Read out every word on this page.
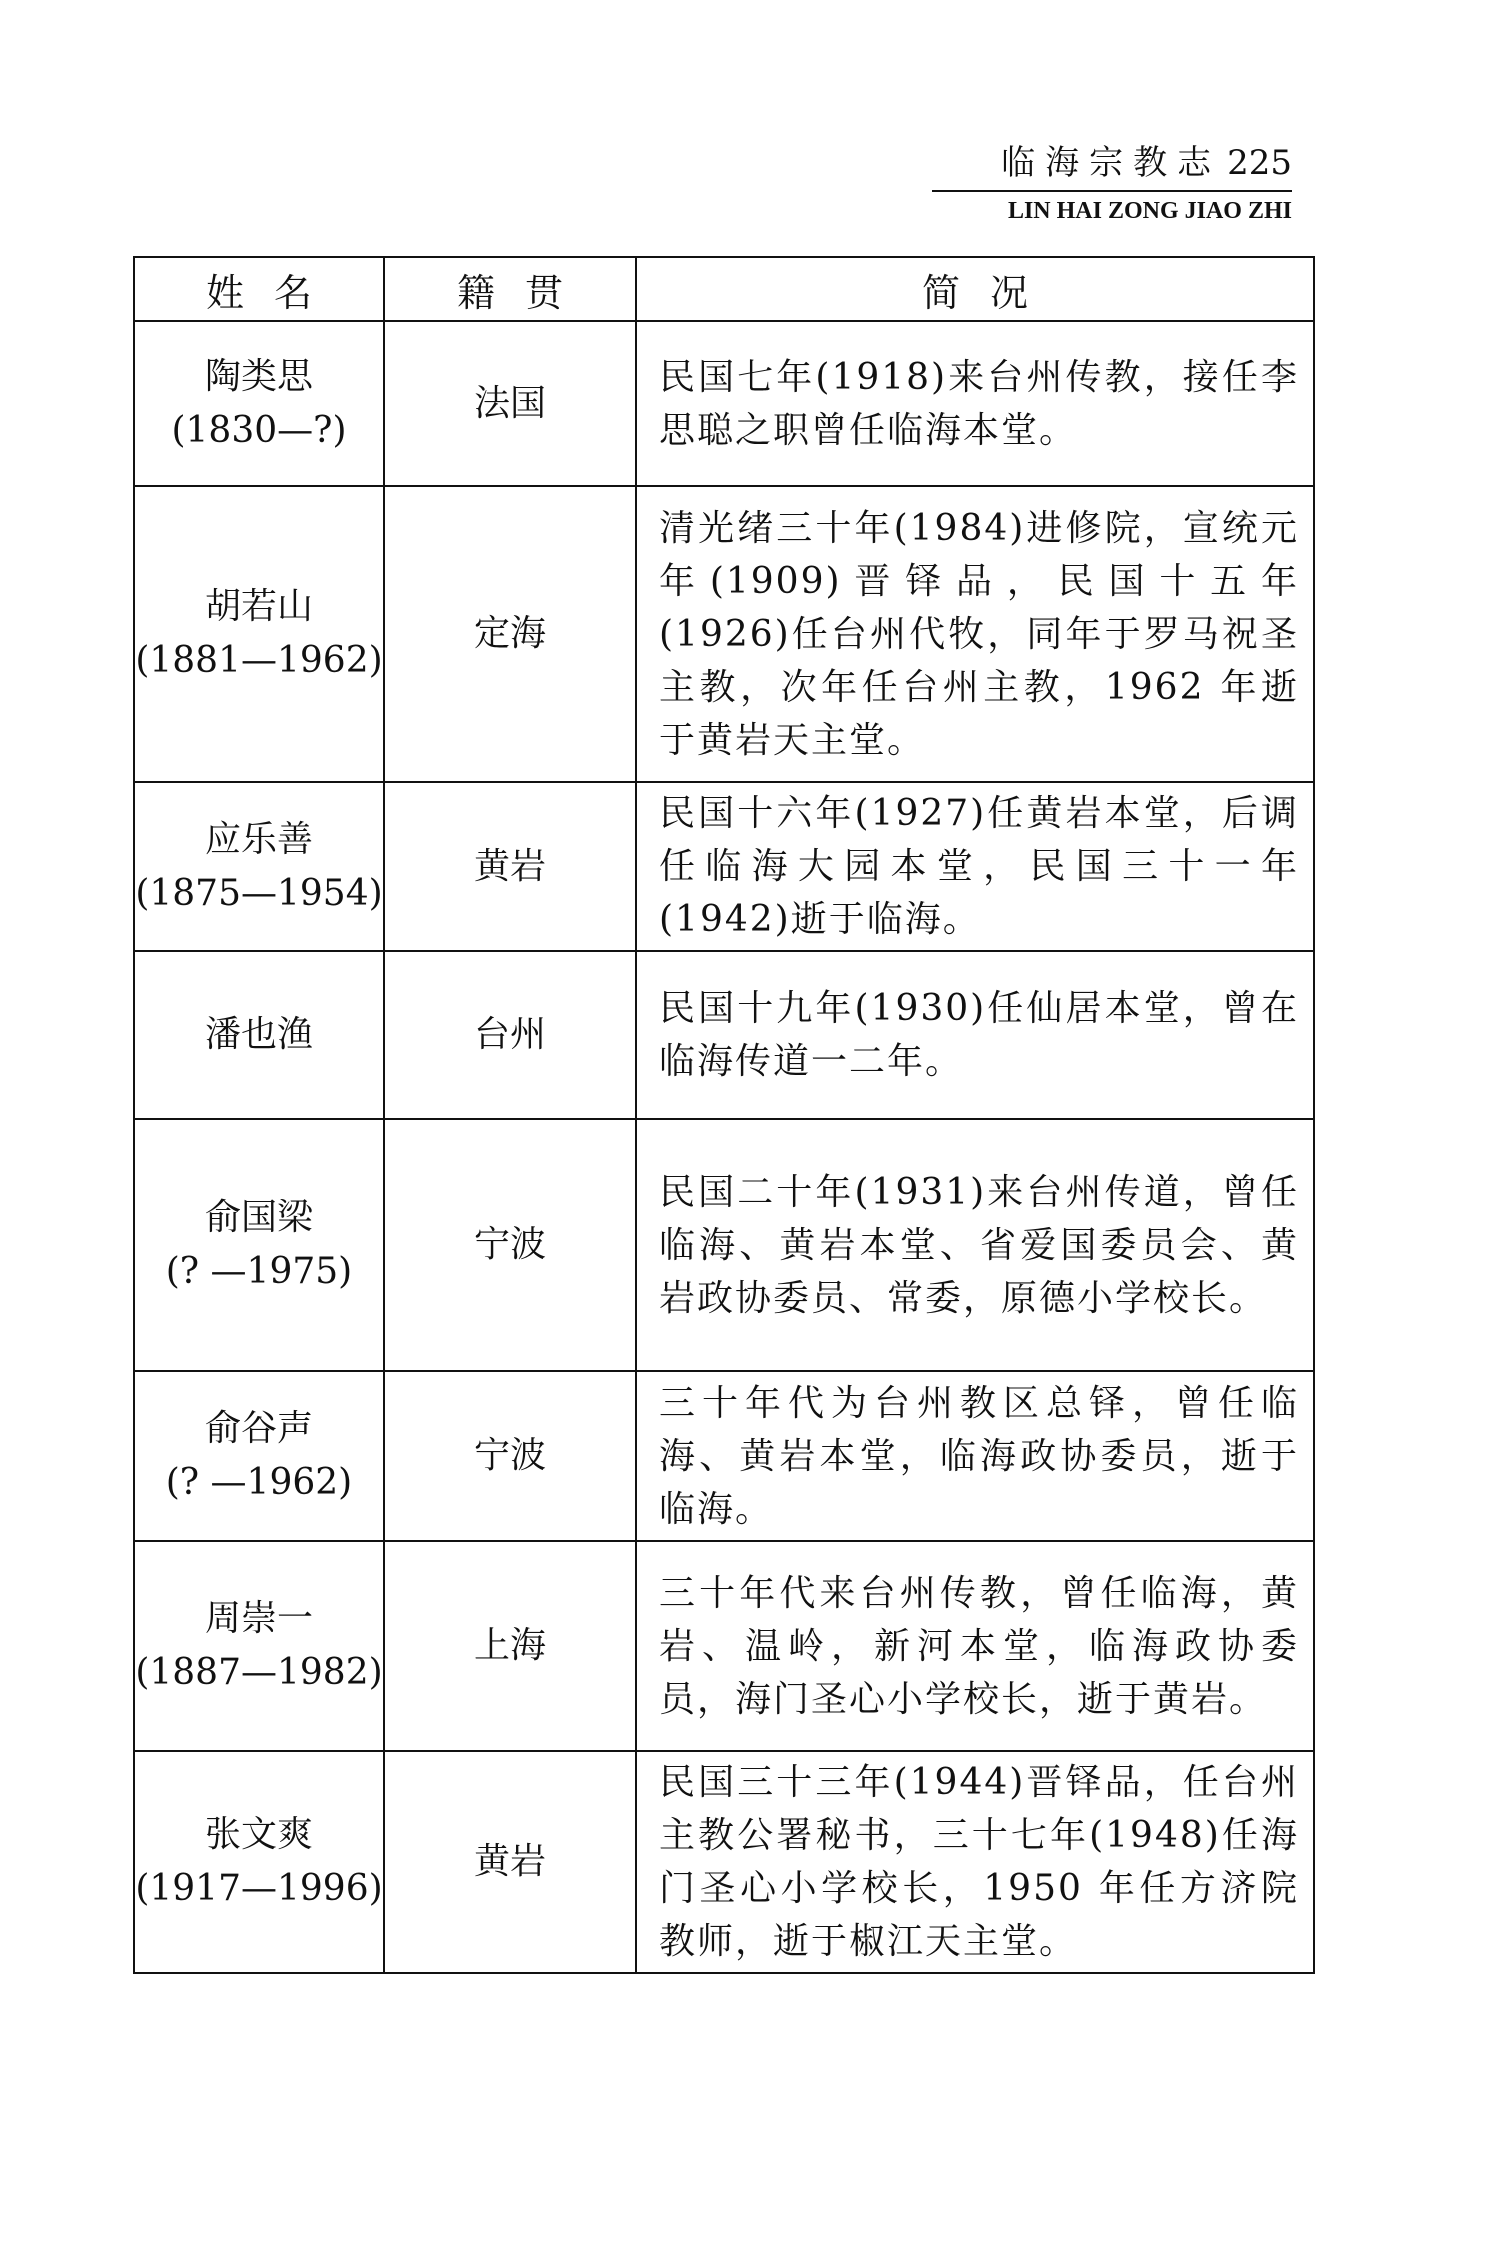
临海宗教志 225
LIN HAI ZONG JIAO ZHI
姓名	籍贯	简况

陶类思
(1830—?)	法国	民国七年(1918)来台州传教，接任李思聪之职曾任临海本堂。

胡若山
(1881—1962)	定海	清光绪三十年(1984)进修院，宣统元年(1909)晋铎品，民国十五年(1926)任台州代牧，同年于罗马祝圣主教，次年任台州主教，1962 年逝于黄岩天主堂。

应乐善
(1875—1954)	黄岩	民国十六年(1927)任黄岩本堂，后调任临海大园本堂，民国三十一年(1942)逝于临海。

潘也渔	台州	民国十九年(1930)任仙居本堂，曾在临海传道一二年。

俞国梁
(? —1975)	宁波	民国二十年(1931)来台州传道，曾任临海、黄岩本堂、省爱国委员会、黄岩政协委员、常委，原德小学校长。

俞谷声
(? —1962)	宁波	三十年代为台州教区总铎，曾任临海、黄岩本堂，临海政协委员，逝于临海。

周崇一
(1887—1982)	上海	三十年代来台州传教，曾任临海，黄岩、温岭，新河本堂，临海政协委员，海门圣心小学校长，逝于黄岩。

张文爽
(1917—1996)	黄岩	民国三十三年(1944)晋铎品，任台州主教公署秘书，三十七年(1948)任海门圣心小学校长，1950 年任方济院教师，逝于椒江天主堂。
